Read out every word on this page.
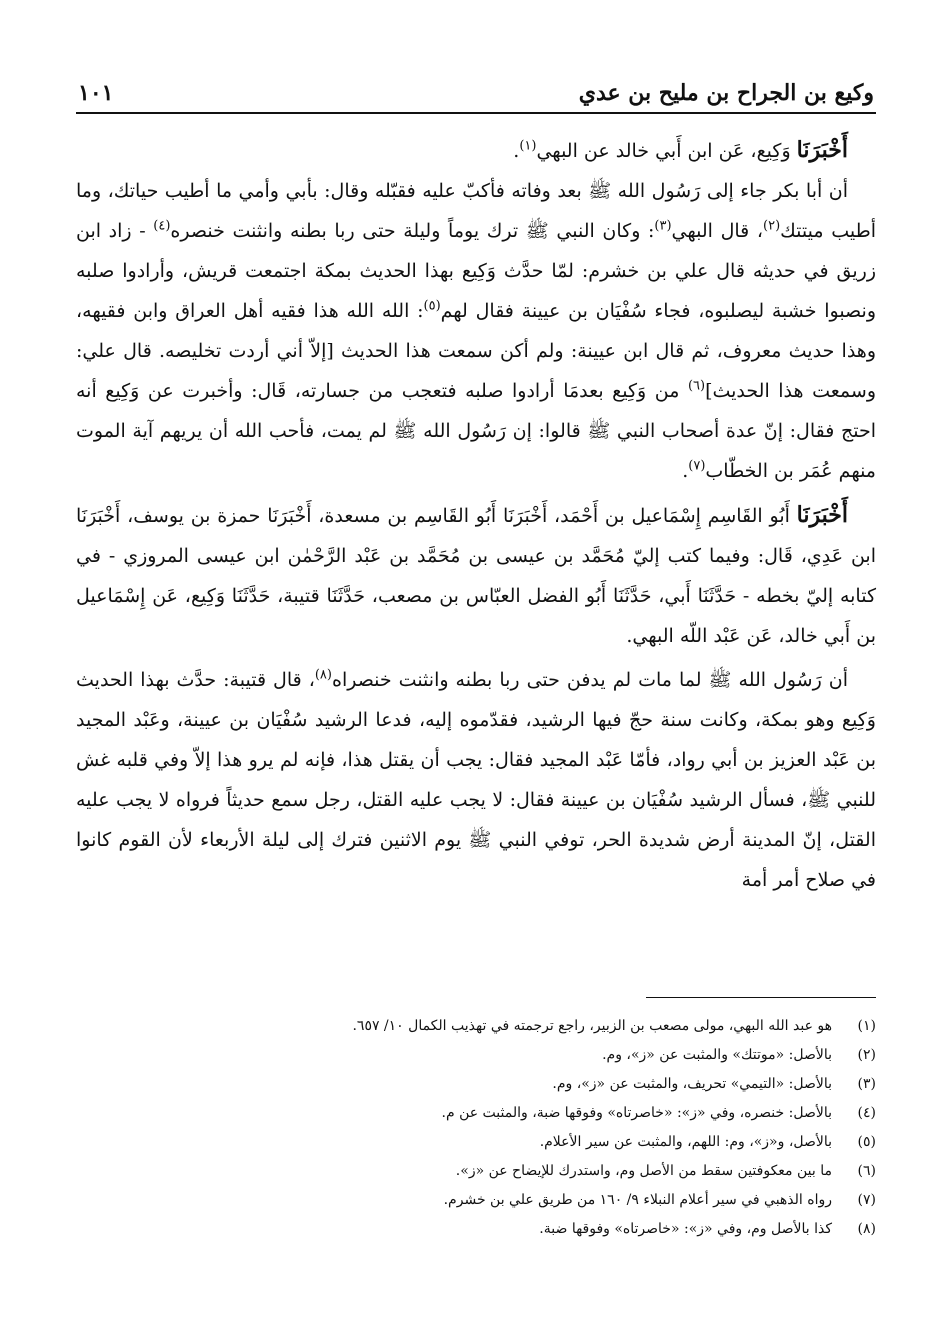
وكيع بن الجراح بن مليح بن عدي
١٠١

أَخْبَرَنَا وَكِيع، عَن ابن أَبي خالد عن البهي$^{(١)}$.

أن أبا بكر جاء إلى رَسُول الله ﷺ بعد وفاته فأكبّ عليه فقبّله وقال: بأبي وأمي ما أطيب حياتك، وما أطيب ميتتك$^{(٢)}$، قال البهي$^{(٣)}$: وكان النبي ﷺ ترك يوماً وليلة حتى ربا بطنه وانثنت خنصره$^{(٤)}$ - زاد ابن زريق في حديثه قال علي بن خشرم: لمّا حدَّث وَكِيع بهذا الحديث بمكة اجتمعت قريش، وأرادوا صلبه ونصبوا خشبة ليصلبوه، فجاء سُفْيَان بن عيينة فقال لهم$^{(٥)}$: الله الله هذا فقيه أهل العراق وابن فقيهه، وهذا حديث معروف، ثم قال ابن عيينة: ولم أكن سمعت هذا الحديث [إلاّ أني أردت تخليصه. قال علي: وسمعت هذا الحديث]$^{(٦)}$ من وَكِيع بعدمَا أرادوا صلبه فتعجب من جسارته، قَال: وأخبرت عن وَكِيع أنه احتج فقال: إنّ عدة أصحاب النبي ﷺ قالوا: إن رَسُول الله ﷺ لم يمت، فأحب الله أن يريهم آية الموت منهم عُمَر بن الخطّاب$^{(٧)}$.

أَخْبَرَنَا أَبُو القَاسِم إِسْمَاعيل بن أَحْمَد، أَخْبَرَنَا أَبُو القَاسِم بن مسعدة، أَخْبَرَنَا حمزة بن يوسف، أَخْبَرَنَا ابن عَدِي، قَال: وفيما كتب إليّ مُحَمَّد بن عيسى بن مُحَمَّد بن عَبْد الرَّحْمٰن ابن عيسى المروزي - في كتابه إليّ بخطه - حَدَّثَنَا أَبي، حَدَّثَنَا أَبُو الفضل العبّاس بن مصعب، حَدَّثَنَا قتيبة، حَدَّثَنَا وَكِيع، عَن إِسْمَاعيل بن أَبي خالد، عَن عَبْد اللّه البهي.

أن رَسُول الله ﷺ لما مات لم يدفن حتى ربا بطنه وانثنت خنصراه$^{(٨)}$، قال قتيبة: حدَّث بهذا الحديث وَكِيع وهو بمكة، وكانت سنة حجّ فيها الرشيد، فقدّموه إليه، فدعا الرشيد سُفْيَان بن عيينة، وعَبْد المجيد بن عَبْد العزيز بن أبي رواد، فأمّا عَبْد المجيد فقال: يجب أن يقتل هذا، فإنه لم يرو هذا إلاّ وفي قلبه غش للنبي ﷺ، فسأل الرشيد سُفْيَان بن عيينة فقال: لا يجب عليه القتل، رجل سمع حديثاً فرواه لا يجب عليه القتل، إنّ المدينة أرض شديدة الحر، توفي النبي ﷺ يوم الاثنين فترك إلى ليلة الأربعاء لأن القوم كانوا في صلاح أمر أمة

(١)
هو عبد الله البهي، مولى مصعب بن الزبير، راجع ترجمته في تهذيب الكمال ١٠/ ٦٥٧.
(٢)
بالأصل: «موتتك» والمثبت عن «ز»، وم.
(٣)
بالأصل: «التيمي» تحريف، والمثبت عن «ز»، وم.
(٤)
بالأصل: خنصره، وفي «ز»: «خاصرتاه» وفوقها ضبة، والمثبت عن م.
(٥)
بالأصل، و«ز»، وم: اللهم، والمثبت عن سير الأعلام.
(٦)
ما بين معكوفتين سقط من الأصل وم، واستدرك للإيضاح عن «ز».
(٧)
رواه الذهبي في سير أعلام النبلاء ٩/ ١٦٠ من طريق علي بن خشرم.
(٨)
كذا بالأصل وم، وفي «ز»: «خاصرتاه» وفوقها ضبة.
